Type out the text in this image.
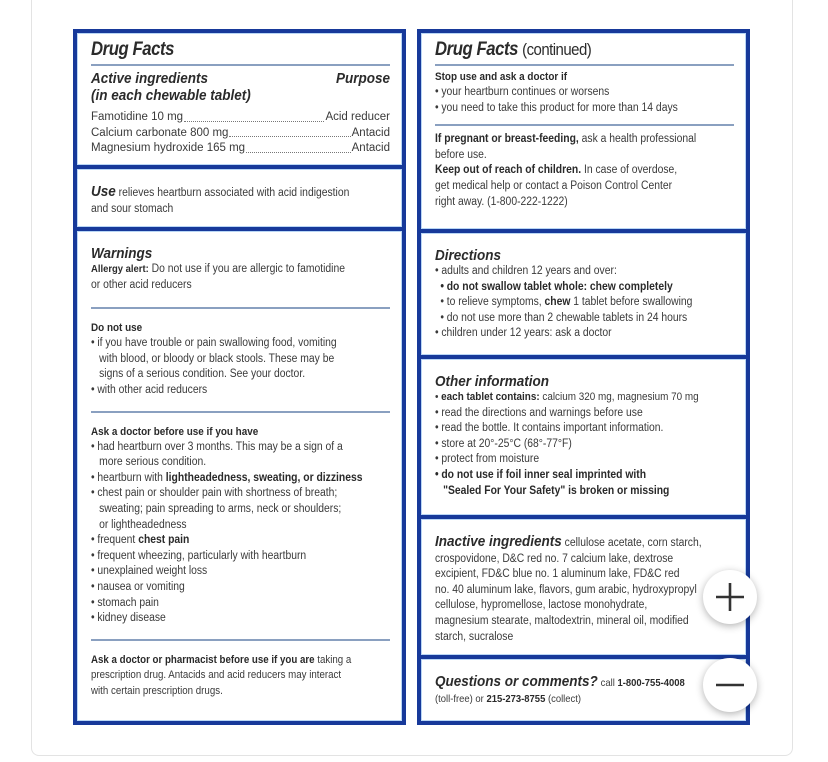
Drug Facts
Active ingredients
(in each chewable tablet)
Purpose
Famotidine 10 mg	Acid reducer
Calcium carbonate 800 mg	Antacid
Magnesium hydroxide 165 mg	Antacid
Use relieves heartburn associated with acid indigestion
and sour stomach
Warnings
Allergy alert: Do not use if you are allergic to famotidine
or other acid reducers
Do not use
• if you have trouble or pain swallowing food, vomiting
with blood, or bloody or black stools. These may be
signs of a serious condition. See your doctor.
• with other acid reducers
Ask a doctor before use if you have
• had heartburn over 3 months. This may be a sign of a
more serious condition.
• heartburn with lightheadedness, sweating, or dizziness
• chest pain or shoulder pain with shortness of breath;
sweating; pain spreading to arms, neck or shoulders;
or lightheadedness
• frequent chest pain
• frequent wheezing, particularly with heartburn
• unexplained weight loss
• nausea or vomiting
• stomach pain
• kidney disease
Ask a doctor or pharmacist before use if you are taking a
prescription drug. Antacids and acid reducers may interact
with certain prescription drugs.
Drug Facts (continued)
Stop use and ask a doctor if
• your heartburn continues or worsens
• you need to take this product for more than 14 days
If pregnant or breast-feeding, ask a health professional
before use.
Keep out of reach of children. In case of overdose,
get medical help or contact a Poison Control Center
right away. (1-800-222-1222)
Directions
• adults and children 12 years and over:
• do not swallow tablet whole: chew completely
• to relieve symptoms, chew 1 tablet before swallowing
• do not use more than 2 chewable tablets in 24 hours
• children under 12 years: ask a doctor
Other information
• each tablet contains: calcium 320 mg, magnesium 70 mg
• read the directions and warnings before use
• read the bottle. It contains important information.
• store at 20°-25°C (68°-77°F)
• protect from moisture
• do not use if foil inner seal imprinted with
"Sealed For Your Safety" is broken or missing
Inactive ingredients cellulose acetate, corn starch,
crospovidone, D&C red no. 7 calcium lake, dextrose
excipient, FD&C blue no. 1 aluminum lake, FD&C red
no. 40 aluminum lake, flavors, gum arabic, hydroxypropyl
cellulose, hypromellose, lactose monohydrate,
magnesium stearate, maltodextrin, mineral oil, modified
starch, sucralose
Questions or comments? call 1-800-755-4008
(toll-free) or 215-273-8755 (collect)
